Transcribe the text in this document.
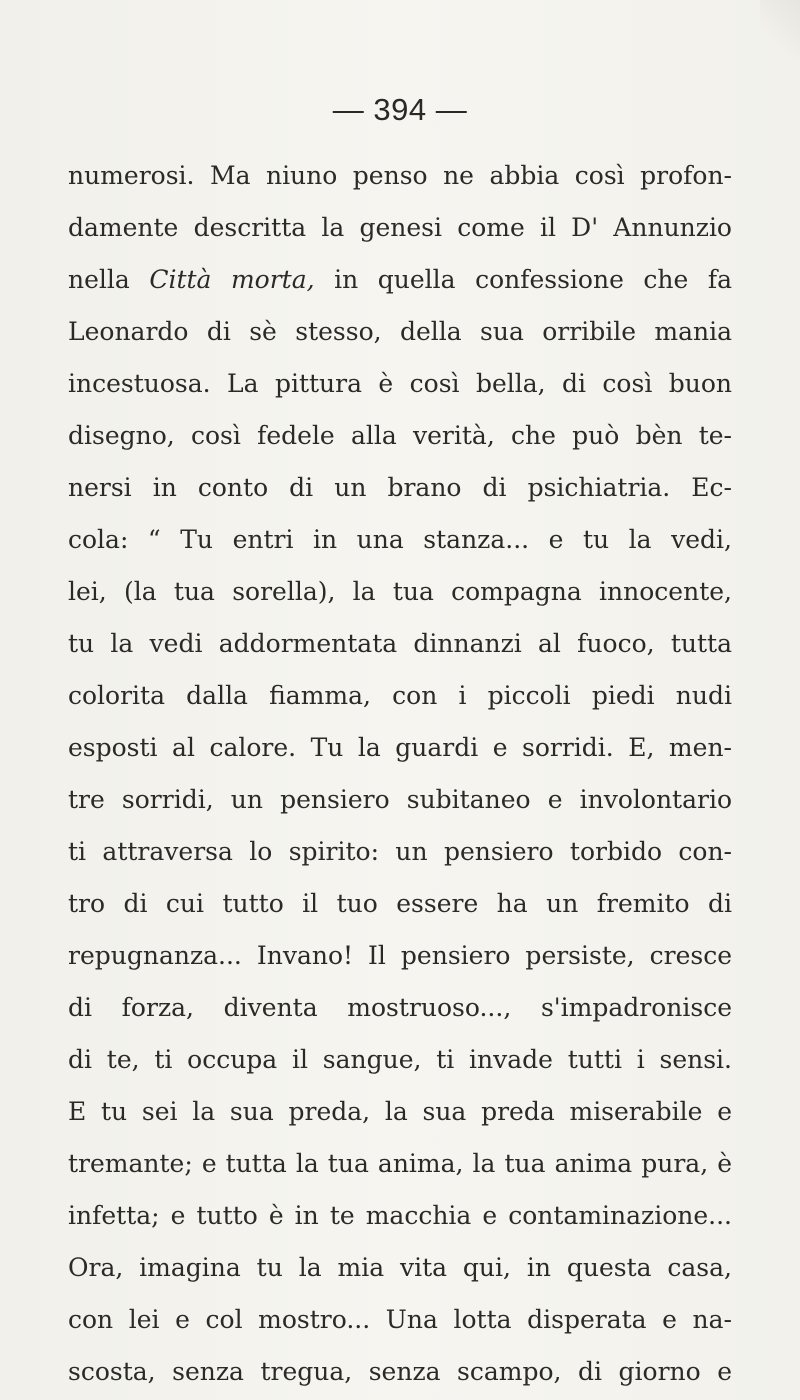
— 394 —
numerosi. Ma niuno penso ne abbia così profon-
damente descritta la genesi come il D' Annunzio
nella Città morta, in quella confessione che fa
Leonardo di sè stesso, della sua orribile mania
incestuosa. La pittura è così bella, di così buon
disegno, così fedele alla verità, che può bèn te-
nersi in conto di un brano di psichiatria. Ec-
cola: “ Tu entri in una stanza... e tu la vedi,
lei, (la tua sorella), la tua compagna innocente,
tu la vedi addormentata dinnanzi al fuoco, tutta
colorita dalla fiamma, con i piccoli piedi nudi
esposti al calore. Tu la guardi e sorridi. E, men-
tre sorridi, un pensiero subitaneo e involontario
ti attraversa lo spirito: un pensiero torbido con-
tro di cui tutto il tuo essere ha un fremito di
repugnanza... Invano! Il pensiero persiste, cresce
di forza, diventa mostruoso..., s'impadronisce
di te, ti occupa il sangue, ti invade tutti i sensi.
E tu sei la sua preda, la sua preda miserabile e
tremante; e tutta la tua anima, la tua anima pura, è
infetta; e tutto è in te macchia e contaminazione...
Ora, imagina tu la mia vita qui, in questa casa,
con lei e col mostro... Una lotta disperata e na-
scosta, senza tregua, senza scampo, di giorno e
